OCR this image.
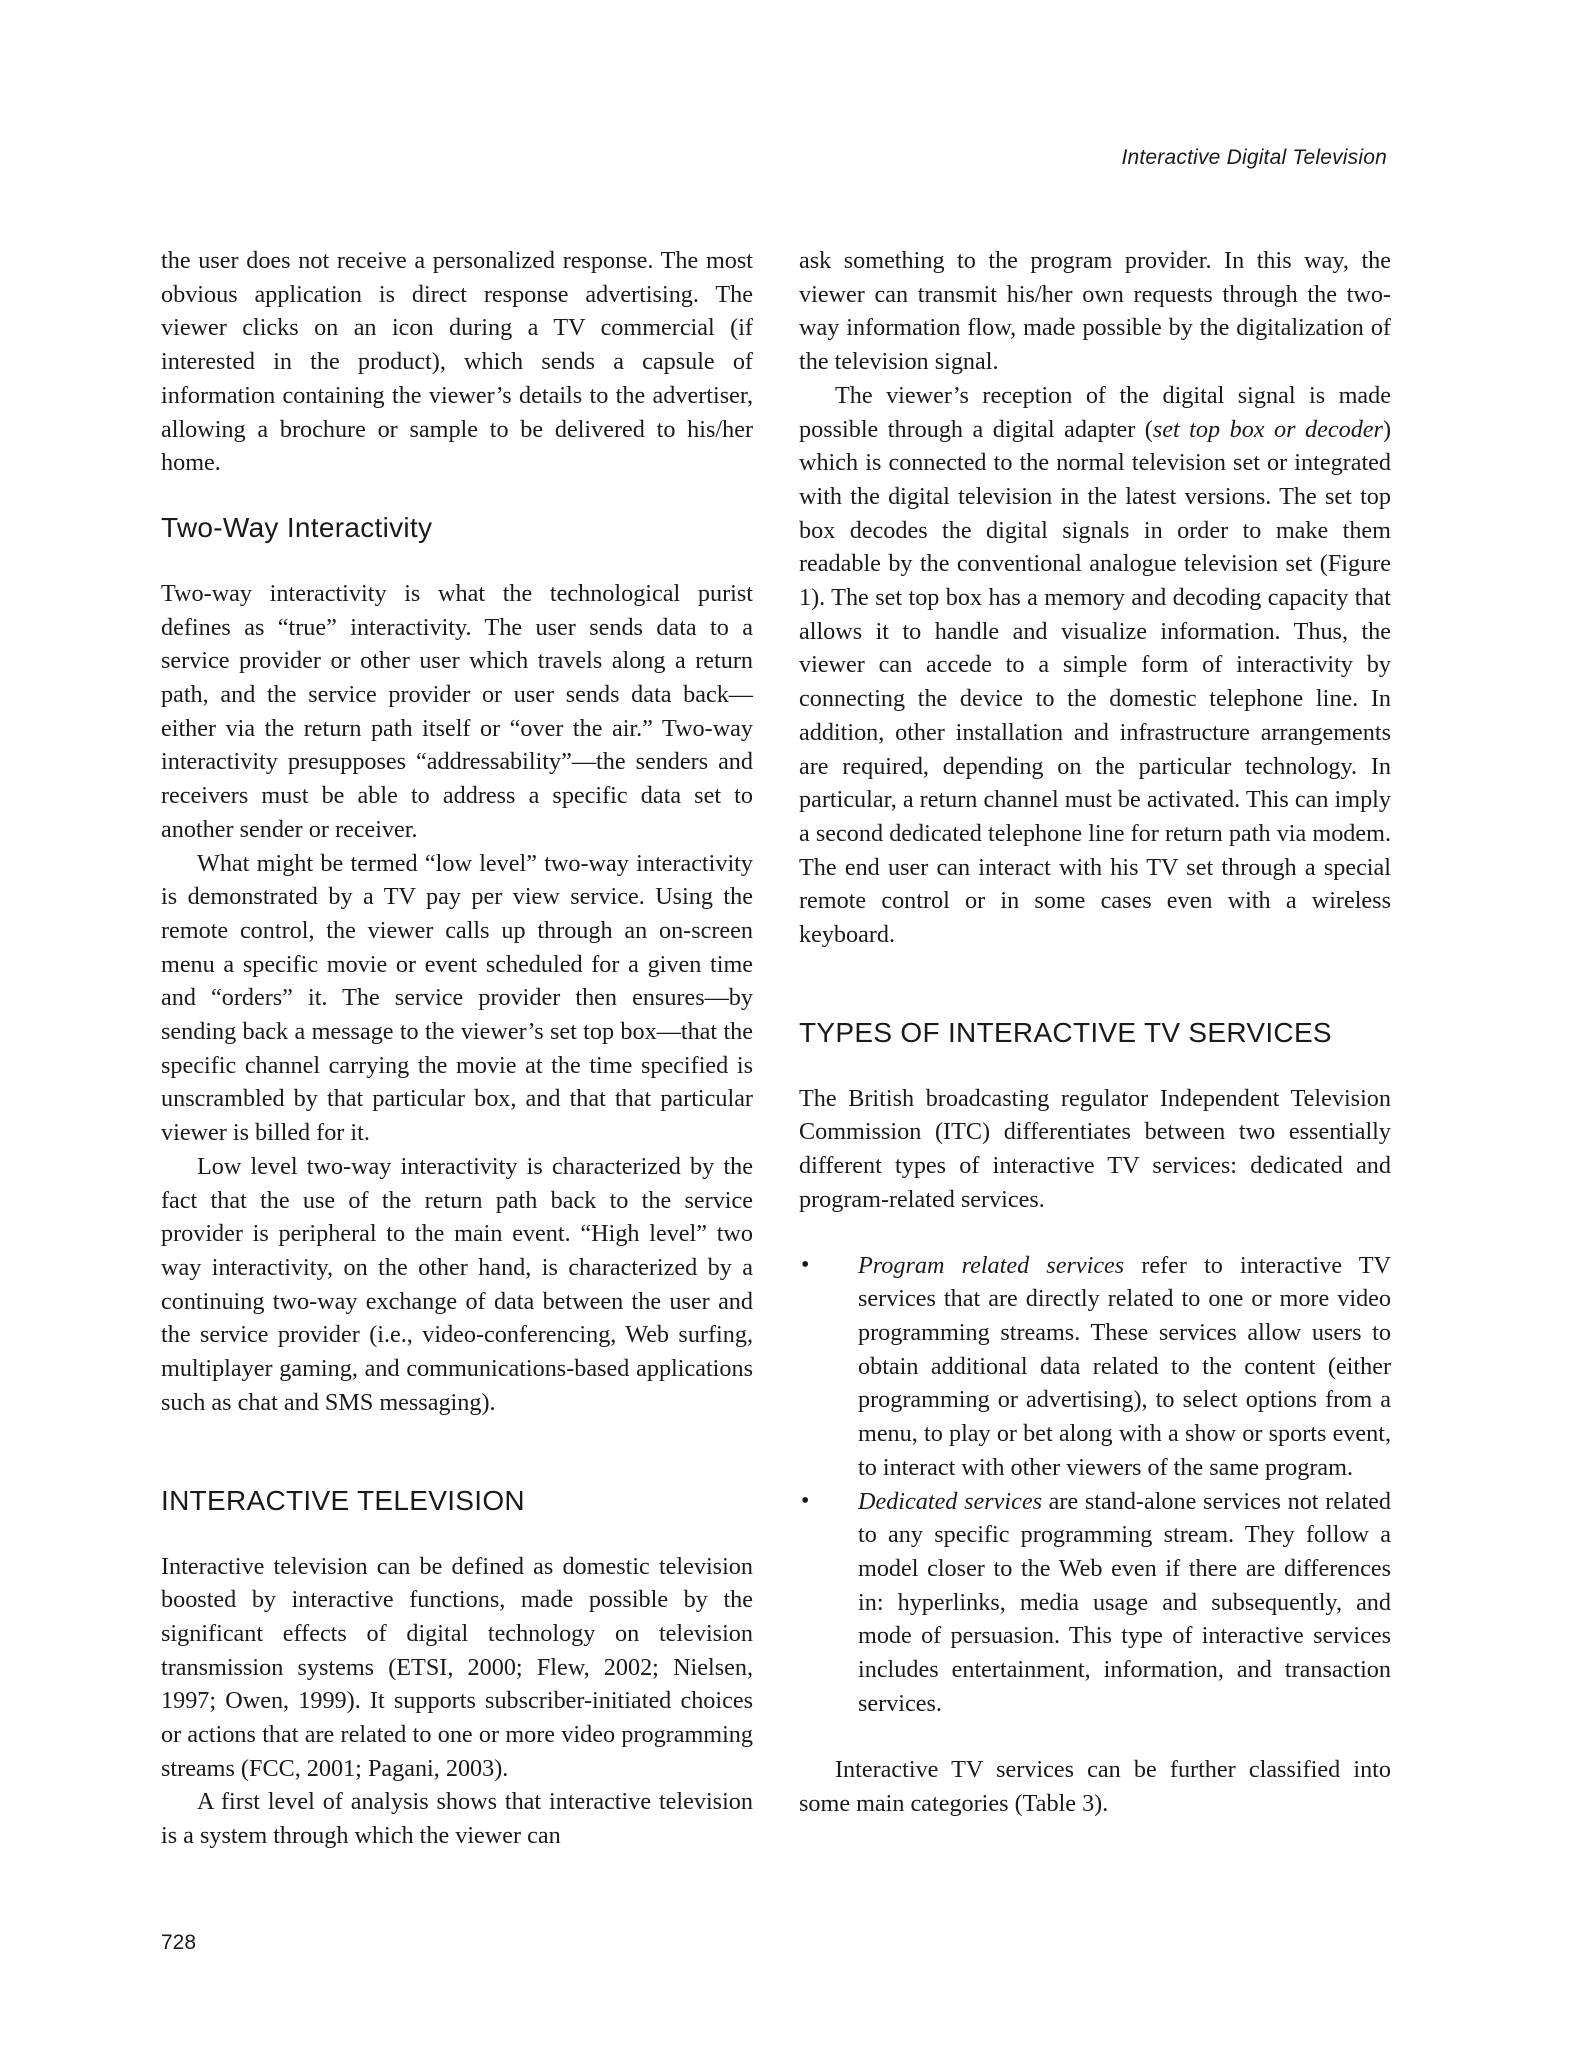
Interactive Digital Television

the user does not receive a personalized response. The most obvious application is direct response advertising. The viewer clicks on an icon during a TV commercial (if interested in the product), which sends a capsule of information containing the viewer’s details to the advertiser, allowing a brochure or sample to be delivered to his/her home.

Two-Way Interactivity

Two-way interactivity is what the technological purist defines as “true” interactivity. The user sends data to a service provider or other user which travels along a return path, and the service provider or user sends data back—either via the return path itself or “over the air.” Two-way interactivity presupposes “addressability”—the senders and receivers must be able to address a specific data set to another sender or receiver.

What might be termed “low level” two-way interactivity is demonstrated by a TV pay per view service. Using the remote control, the viewer calls up through an on-screen menu a specific movie or event scheduled for a given time and “orders” it. The service provider then ensures—by sending back a message to the viewer’s set top box—that the specific channel carrying the movie at the time specified is unscrambled by that particular box, and that that particular viewer is billed for it.

Low level two-way interactivity is characterized by the fact that the use of the return path back to the service provider is peripheral to the main event. “High level” two way interactivity, on the other hand, is characterized by a continuing two-way exchange of data between the user and the service provider (i.e., video-conferencing, Web surfing, multiplayer gaming, and communications-based applications such as chat and SMS messaging).

INTERACTIVE TELEVISION

Interactive television can be defined as domestic television boosted by interactive functions, made possible by the significant effects of digital technology on television transmission systems (ETSI, 2000; Flew, 2002; Nielsen, 1997; Owen, 1999). It supports subscriber-initiated choices or actions that are related to one or more video programming streams (FCC, 2001; Pagani, 2003).

A first level of analysis shows that interactive television is a system through which the viewer can

ask something to the program provider. In this way, the viewer can transmit his/her own requests through the two-way information flow, made possible by the digitalization of the television signal.

The viewer’s reception of the digital signal is made possible through a digital adapter (set top box or decoder) which is connected to the normal television set or integrated with the digital television in the latest versions. The set top box decodes the digital signals in order to make them readable by the conventional analogue television set (Figure 1). The set top box has a memory and decoding capacity that allows it to handle and visualize information. Thus, the viewer can accede to a simple form of interactivity by connecting the device to the domestic telephone line. In addition, other installation and infrastructure arrangements are required, depending on the particular technology. In particular, a return channel must be activated. This can imply a second dedicated telephone line for return path via modem. The end user can interact with his TV set through a special remote control or in some cases even with a wireless keyboard.

TYPES OF INTERACTIVE TV SERVICES

The British broadcasting regulator Independent Television Commission (ITC) differentiates between two essentially different types of interactive TV services: dedicated and program-related services.

• Program related services refer to interactive TV services that are directly related to one or more video programming streams. These services allow users to obtain additional data related to the content (either programming or advertising), to select options from a menu, to play or bet along with a show or sports event, to interact with other viewers of the same program.

• Dedicated services are stand-alone services not related to any specific programming stream. They follow a model closer to the Web even if there are differences in: hyperlinks, media usage and subsequently, and mode of persuasion. This type of interactive services includes entertainment, information, and transaction services.

Interactive TV services can be further classified into some main categories (Table 3).

728
